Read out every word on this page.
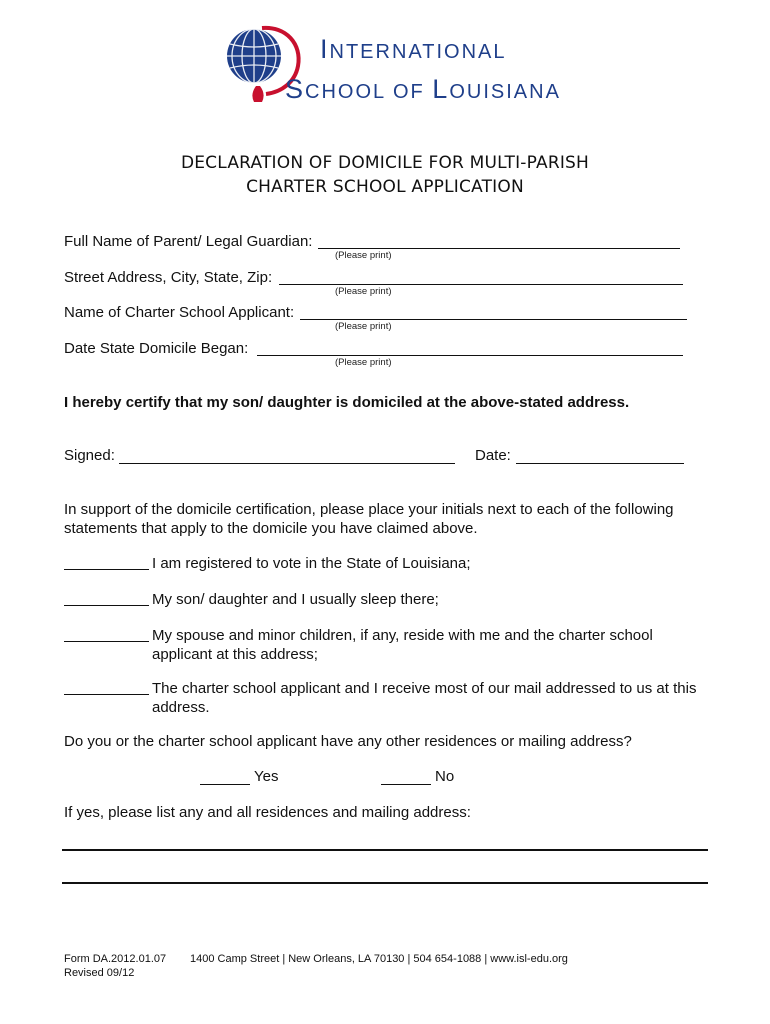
INTERNATIONAL
SCHOOL OF LOUISIANA
DECLARATION OF DOMICILE FOR MULTI-PARISH
CHARTER SCHOOL APPLICATION
Full Name of Parent/ Legal Guardian:
(Please print)
Street Address, City, State, Zip:
(Please print)
Name of Charter School Applicant:
(Please print)
Date State Domicile Began:
(Please print)
I hereby certify that my son/ daughter is domiciled at the above-stated address.
Signed:	Date:
In support of the domicile certification, please place your initials next to each of the following statements that apply to the domicile you have claimed above.
I am registered to vote in the State of Louisiana;
My son/ daughter and I usually sleep there;
My spouse and minor children, if any, reside with me and the charter school applicant at this address;
The charter school applicant and I receive most of our mail addressed to us at this address.
Do you or the charter school applicant have any other residences or mailing address?
Yes	No
If yes, please list any and all residences and mailing address:
Form DA.2012.01.07
Revised 09/12
1400 Camp Street | New Orleans, LA 70130 | 504 654-1088 | www.isl-edu.org
